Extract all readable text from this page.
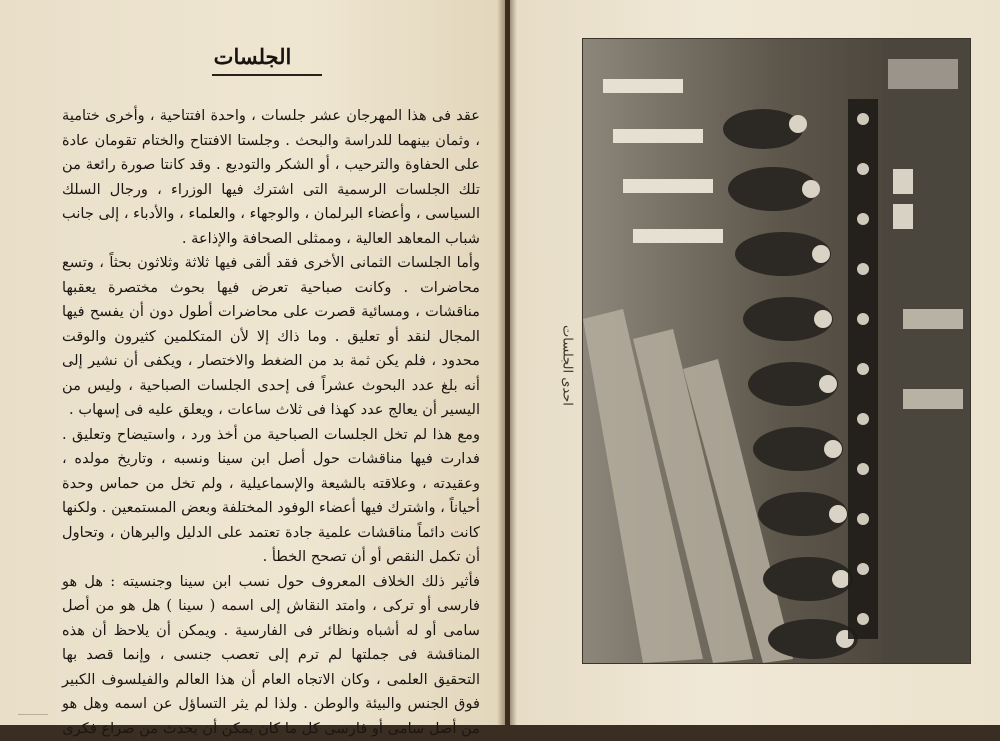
الجلسات

عقد فى هذا المهرجان عشر جلسات ، واحدة افتتاحية ، وأخرى ختامية ، وثمان بينهما للدراسة والبحث . وجلستا الافتتاح والختام تقومان عادة على الحفاوة والترحيب ، أو الشكر والتوديع . وقد كانتا صورة رائعة من تلك الجلسات الرسمية التى اشترك فيها الوزراء ، ورجال السلك السياسى ، وأعضاء البرلمان ، والوجهاء ، والعلماء ، والأدباء ، إلى جانب شباب المعاهد العالية ، وممثلى الصحافة والإذاعة .

وأما الجلسات الثمانى الأخرى فقد ألقى فيها ثلاثة وثلاثون بحثاً ، وتسع محاضرات . وكانت صباحية تعرض فيها بحوث مختصرة يعقبها مناقشات ، ومسائية قصرت على محاضرات أطول دون أن يفسح فيها المجال لنقد أو تعليق . وما ذاك إلا لأن المتكلمين كثيرون والوقت محدود ، فلم يكن ثمة بد من الضغط والاختصار ، ويكفى أن نشير إلى أنه بلغ عدد البحوث عشراً فى إحدى الجلسات الصباحية ، وليس من اليسير أن يعالج عدد كهذا فى ثلاث ساعات ، ويعلق عليه فى إسهاب .

ومع هذا لم تخل الجلسات الصباحية من أخذ ورد ، واستيضاح وتعليق . فدارت فيها مناقشات حول أصل ابن سينا ونسبه ، وتاريخ مولده ، وعقيدته ، وعلاقته بالشيعة والإسماعيلية ، ولم تخل من حماس وحدة أحياناً ، واشترك فيها أعضاء الوفود المختلفة وبعض المستمعين . ولكنها كانت دائماً مناقشات علمية جادة تعتمد على الدليل والبرهان ، وتحاول أن تكمل النقص أو أن تصحح الخطأ .

فأثير ذلك الخلاف المعروف حول نسب ابن سينا وجنسيته : هل هو فارسى أو تركى ، وامتد النقاش إلى اسمه ( سينا ) هل هو من أصل سامى أو له أشباه ونظائر فى الفارسية . ويمكن أن يلاحظ أن هذه المناقشة فى جملتها لم ترم إلى تعصب جنسى ، وإنما قصد بها التحقيق العلمى ، وكان الاتجاه العام أن هذا العالم والفيلسوف الكبير فوق الجنس والبيئة والوطن . ولذا لم يثر التساؤل عن اسمه وهل هو من أصل سامى أو فارسى كل ما كان يمكن أن يحدث من صراع فكرى

احدى الجلسات
